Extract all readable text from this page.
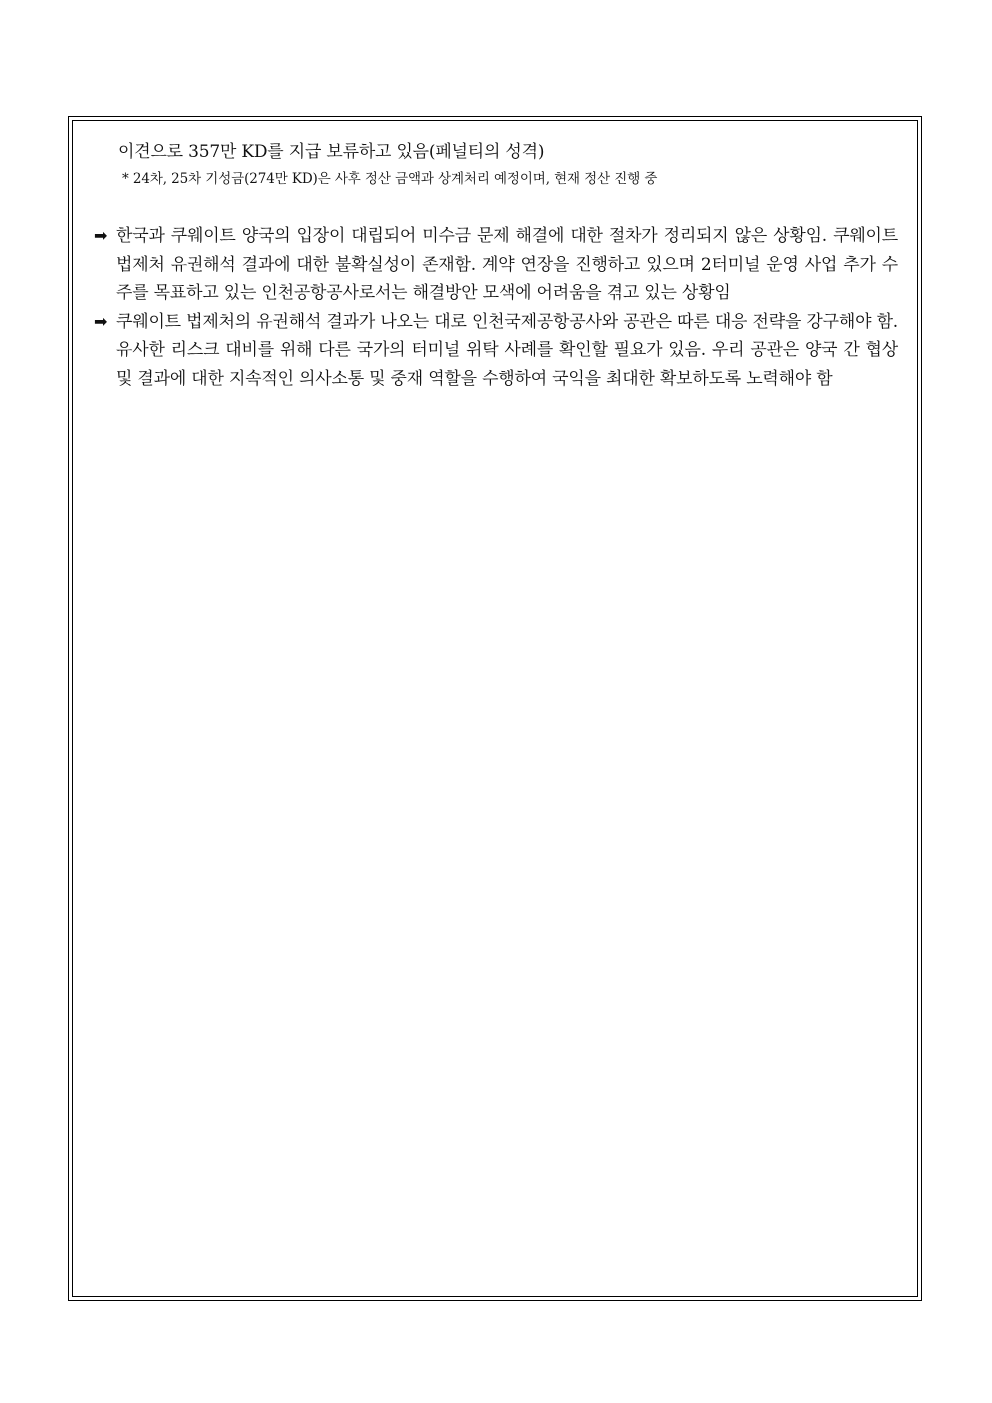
이견으로 357만 KD를 지급 보류하고 있음(페널티의 성격)

* 24차, 25차 기성금(274만 KD)은 사후 정산 금액과 상계처리 예정이며, 현재 정산 진행 중

➡ 한국과 쿠웨이트 양국의 입장이 대립되어 미수금 문제 해결에 대한 절차가 정리되지 않은 상황임. 쿠웨이트 법제처 유권해석 결과에 대한 불확실성이 존재함. 계약 연장을 진행하고 있으며 2터미널 운영 사업 추가 수주를 목표하고 있는 인천공항공사로서는 해결방안 모색에 어려움을 겪고 있는 상황임
➡ 쿠웨이트 법제처의 유권해석 결과가 나오는 대로 인천국제공항공사와 공관은 따른 대응 전략을 강구해야 함. 유사한 리스크 대비를 위해 다른 국가의 터미널 위탁 사례를 확인할 필요가 있음. 우리 공관은 양국 간 협상 및 결과에 대한 지속적인 의사소통 및 중재 역할을 수행하여 국익을 최대한 확보하도록 노력해야 함
